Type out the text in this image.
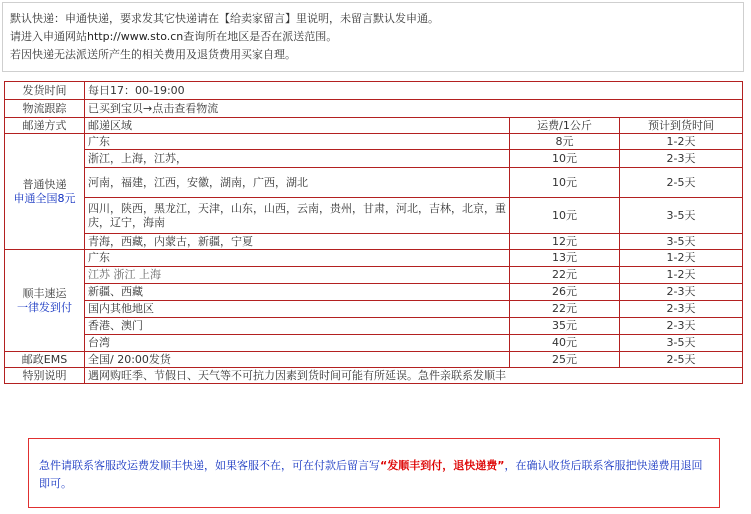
默认快递：申通快递，要求发其它快递请在【给卖家留言】里说明，未留言默认发申通。

请进入申通网站http://www.sto.cn查询所在地区是否在派送范围。

若因快递无法派送所产生的相关费用及退货费用买家自理。

发货时间	每日17：00-19:00		
物流跟踪	已买到宝贝→点击查看物流		
邮递方式	邮递区域	运费/1公斤	预计到货时间

普通快递
申通全国8元	广东	8元	1-2天
	浙江，上海，江苏，	10元	2-3天
	河南，福建，江西，安徽，湖南，广西，湖北	10元	2-5天
	四川，陕西，黑龙江，天津，山东，山西，云南，贵州，甘肃，河北，吉林，北京，重庆，辽宁，海南	10元	3-5天
	青海，西藏，内蒙古，新疆，宁夏	12元	3-5天

顺丰速运
一律发到付	广东	13元	1-2天
	江苏 浙江 上海	22元	1-2天
	新疆、西藏	26元	2-3天
	国内其他地区	22元	2-3天
	香港、澳门	35元	2-3天
	台湾	40元	3-5天
邮政EMS	全国/ 20:00发货	25元	2-5天
特别说明	遇网购旺季、节假日、天气等不可抗力因素到货时间可能有所延误。急件亲联系发顺丰		
急件请联系客服改运费发顺丰快递，如果客服不在，可在付款后留言写“发顺丰到付，退快递费”，在确认收货后联系客服把快递费用退回即可。
